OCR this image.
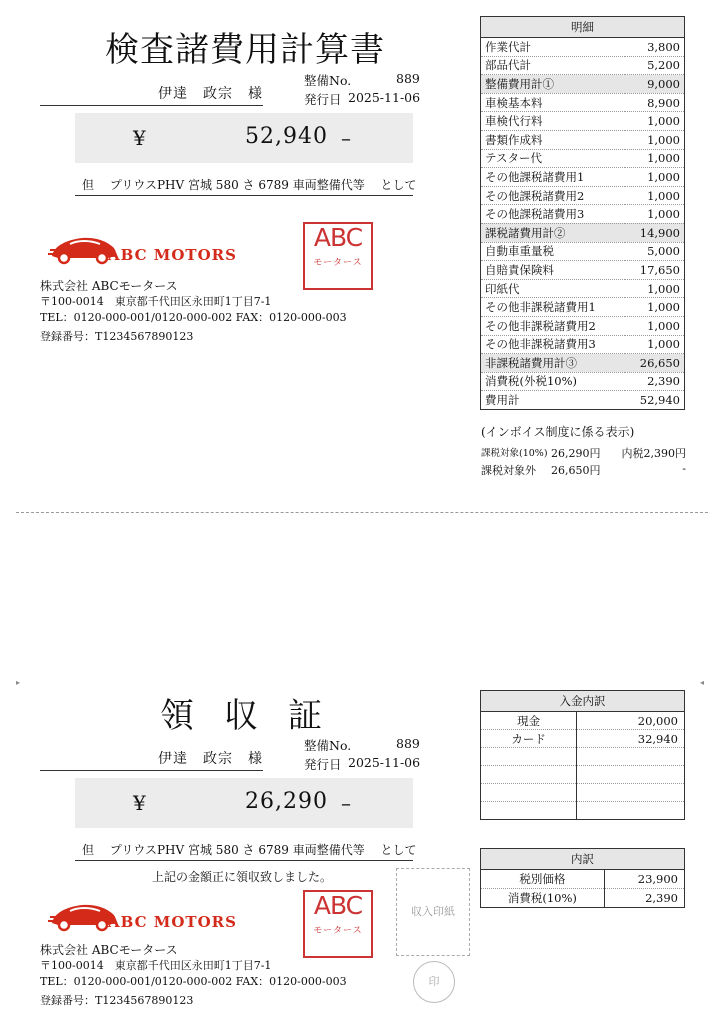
検査諸費用計算書
伊達　政宗　様
整備No.	889
発行日 2025-11-06
¥	52,940 –
但　 プリウスPHV 宮城 580 さ 6789 車両整備代等　 として
ABC MOTORS
ABC
モータース
株式会社 ABCモータース
〒100-0014　東京都千代田区永田町1丁目7-1
TEL：0120-000-001/0120-000-002 FAX：0120-000-003
登録番号：T1234567890123
明細	
作業代計	3,800
部品代計	5,200
整備費用計①	9,000
車検基本料	8,900
車検代行料	1,000
書類作成料	1,000
テスター代	1,000
その他課税諸費用1	1,000
その他課税諸費用2	1,000
その他課税諸費用3	1,000
課税諸費用計②	14,900
自動車重量税	5,000
自賠責保険料	17,650
印紙代	1,000
その他非課税諸費用1	1,000
その他非課税諸費用2	1,000
その他非課税諸費用3	1,000
非課税諸費用計③	26,650
消費税(外税10%)	2,390
費用計	52,940
(インボイス制度に係る表示)
課税対象(10%) 26,290円 内税2,390円
課税対象外 26,650円	-
▸	◂
領収証
伊達　政宗　様
整備No.	889
発行日 2025-11-06
¥	26,290 –
但　 プリウスPHV 宮城 580 さ 6789 車両整備代等　 として
上記の金額正に領収致しました。
ABC MOTORS
ABC
モータース
収入印紙
印
株式会社 ABCモータース
〒100-0014　東京都千代田区永田町1丁目7-1
TEL：0120-000-001/0120-000-002 FAX：0120-000-003
登録番号：T1234567890123
入金内訳	
現金	20,000
カード	32,940

内訳	
税別価格	23,900
消費税(10%)	2,390
